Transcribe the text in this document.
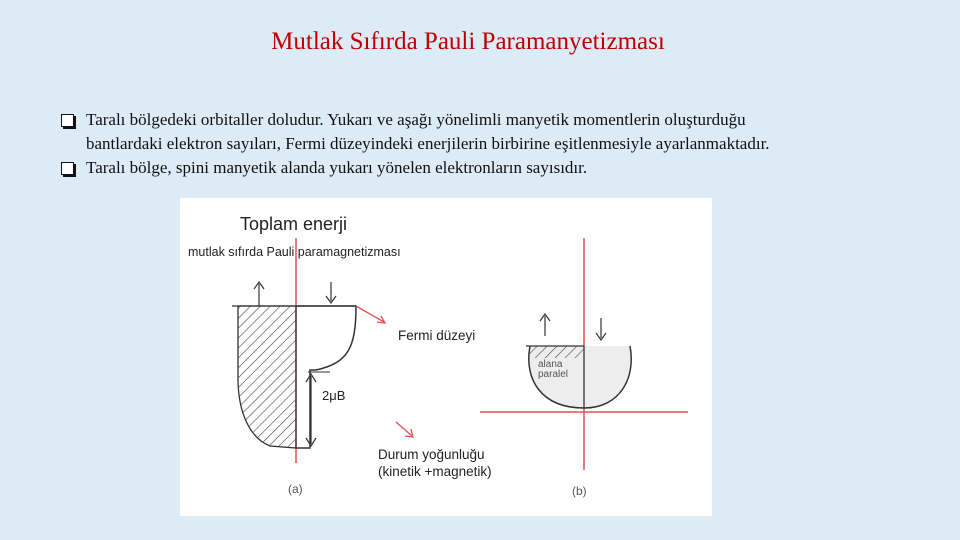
Mutlak Sıfırda Pauli Paramanyetizması
Taralı bölgedeki orbitaller doludur. Yukarı ve aşağı yönelimli manyetik momentlerin oluşturduğu
bantlardaki elektron sayıları, Fermi düzeyindeki enerjilerin birbirine eşitlenmesiyle ayarlanmaktadır.
Taralı bölge, spini manyetik alanda yukarı yönelen elektronların sayısıdır.
Toplam enerji
mutlak sıfırda Pauli paramagnetizması
Fermi düzeyi
2μB
alana
paralel
Durum yoğunluğu
(kinetik +magnetik)
(a)	(b)
